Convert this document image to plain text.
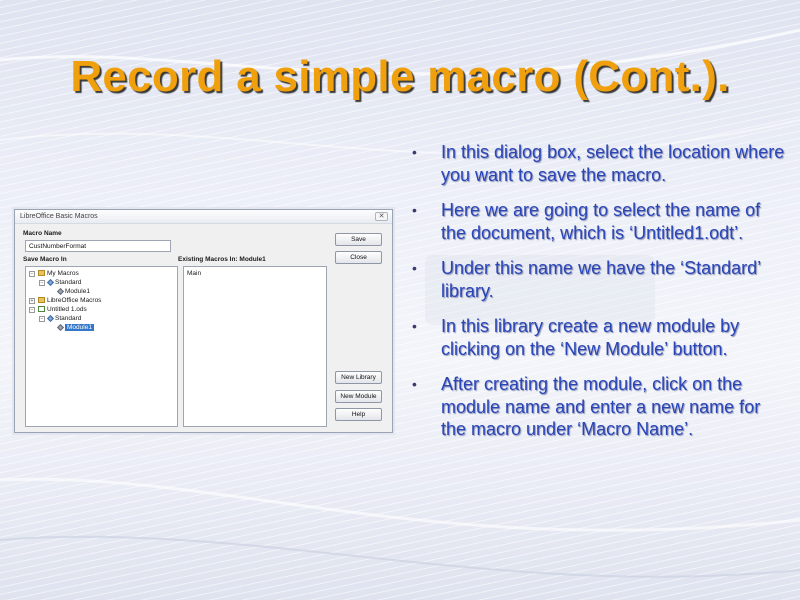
Record a simple macro (Cont.).
• In this dialog box, select the location where you want to save the macro.
• Here we are going to select the name of the document, which is ‘Untitled1.odt’.
• Under this name we have the ‘Standard’ library.
• In this library create a new module by clicking on the ‘New Module’ button.
• After creating the module, click on the module name and enter a new name for the macro under ‘Macro Name’.
LibreOffice Basic Macros	✕
Macro Name
CustNumberFormat
Save Macro In	Existing Macros In: Module1
− My Macros
− Standard
Module1
+ LibreOffice Macros
− Untitled 1.ods
− Standard
Module1
Main
Save
Close
New Library
New Module
Help
